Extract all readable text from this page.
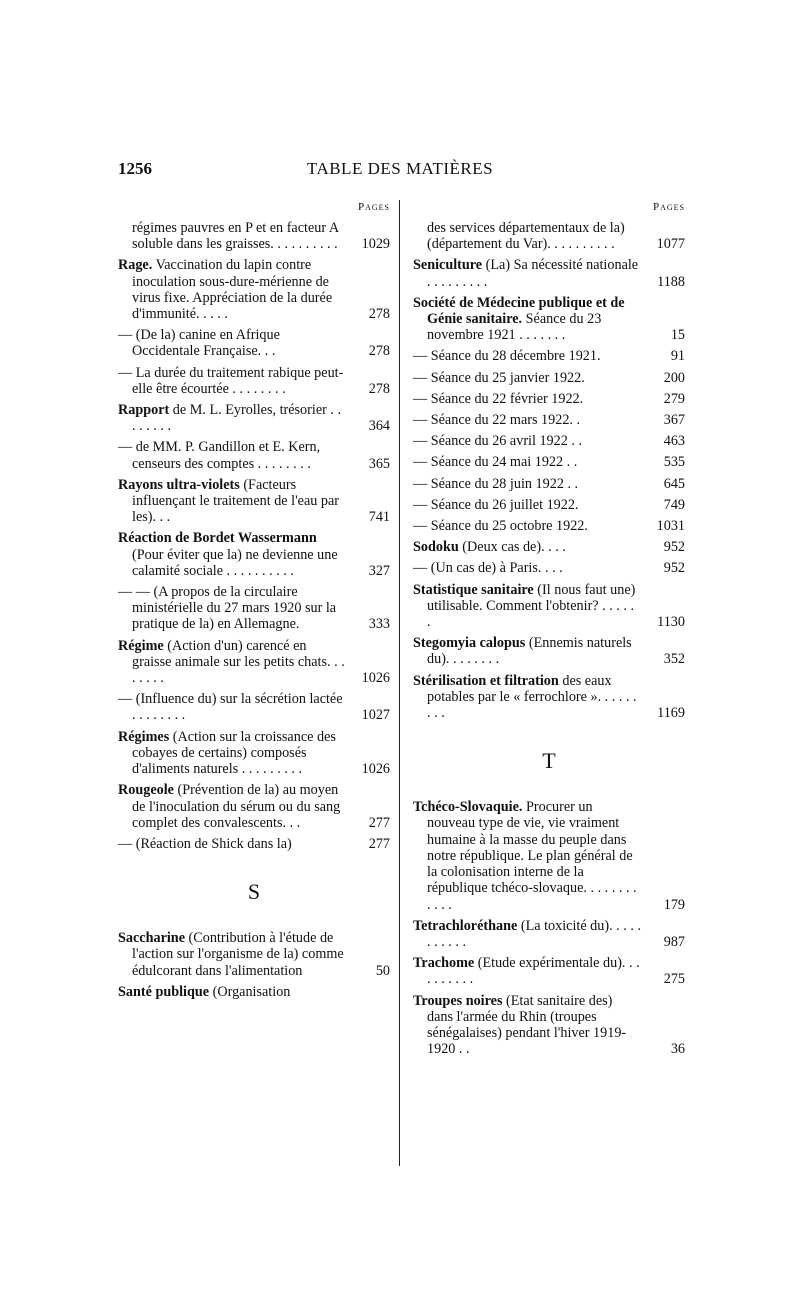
1256	TABLE DES MATIÈRES
Pages
régimes pauvres en P et en facteur A soluble dans les graisses. . . . . . . . . .	1029
Rage. Vaccination du lapin contre inoculation sous-dure-mérienne de virus fixe. Appréciation de la durée d'immunité. . . . .	278
— (De la) canine en Afrique Occidentale Française. . .	278
— La durée du traitement rabique peut-elle être écourtée . . . . . . . .	278
Rapport de M. L. Eyrolles, trésorier . . . . . . . .	364
— de MM. P. Gandillon et E. Kern, censeurs des comptes . . . . . . . .	365
Rayons ultra-violets (Facteurs influençant le traitement de l'eau par les). . .	741
Réaction de Bordet Wassermann (Pour éviter que la) ne devienne une calamité sociale . . . . . . . . . .	327
— — (A propos de la circulaire ministérielle du 27 mars 1920 sur la pratique de la) en Allemagne.	333
Régime (Action d'un) carencé en graisse animale sur les petits chats. . . . . . . .	1026
— (Influence du) sur la sécrétion lactée . . . . . . . .	1027
Régimes (Action sur la croissance des cobayes de certains) composés d'aliments naturels . . . . . . . . .	1026
Rougeole (Prévention de la) au moyen de l'inoculation du sérum ou du sang complet des convalescents. . .	277
— (Réaction de Shick dans la)	277
S
Saccharine (Contribution à l'étude de l'action sur l'organisme de la) comme édulcorant dans l'alimentation	50
Santé publique (Organisation
Pages
des services départementaux de la) (département du Var). . . . . . . . . .	1077
Seniculture (La) Sa nécessité nationale . . . . . . . . .	1188
Société de Médecine publique et de Génie sanitaire. Séance du 23 novembre 1921 . . . . . . .	15
— Séance du 28 décembre 1921.	91
— Séance du 25 janvier 1922.	200
— Séance du 22 février 1922.	279
— Séance du 22 mars 1922. .	367
— Séance du 26 avril 1922 . .	463
— Séance du 24 mai 1922 . .	535
— Séance du 28 juin 1922 . .	645
— Séance du 26 juillet 1922.	749
— Séance du 25 octobre 1922.	1031
Sodoku (Deux cas de). . . .	952
— (Un cas de) à Paris. . . .	952
Statistique sanitaire (Il nous faut une) utilisable. Comment l'obtenir? . . . . . .	1130
Stegomyia calopus (Ennemis naturels du). . . . . . . .	352
Stérilisation et filtration des eaux potables par le « ferrochlore ». . . . . . . . .	1169
T
Tchéco-Slovaquie. Procurer un nouveau type de vie, vie vraiment humaine à la masse du peuple dans notre république. Le plan général de la colonisation interne de la république tchéco-slovaque. . . . . . . . . . . .	179
Tetrachloréthane (La toxicité du). . . . . . . . . . .	987
Trachome (Etude expérimentale du). . . . . . . . . .	275
Troupes noires (Etat sanitaire des) dans l'armée du Rhin (troupes sénégalaises) pendant l'hiver 1919-1920 . .	36
